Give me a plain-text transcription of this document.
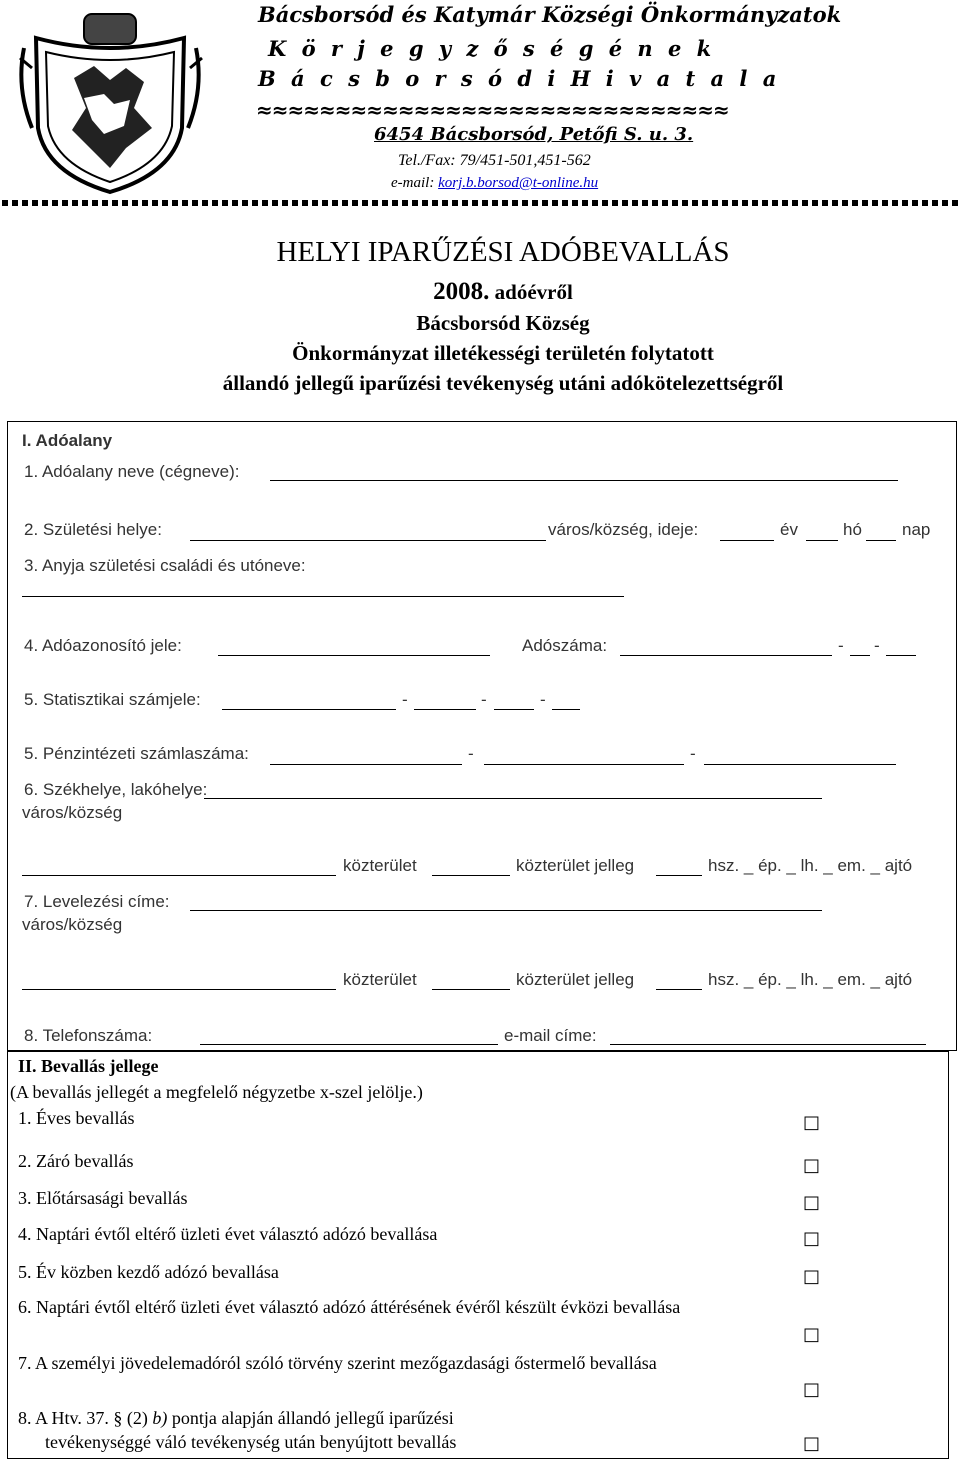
Bácsborsód és Katymár Községi Önkormányzatok
K ö r j e g y z ő s é g é n e k
B á c s b o r s ó d i H i v a t a l a
≈≈≈≈≈≈≈≈≈≈≈≈≈≈≈≈≈≈≈≈≈≈≈≈≈≈≈≈≈≈
6454 Bácsborsód, Petőfi S. u. 3.
Tel./Fax: 79/451-501,451-562
e-mail: korj.b.borsod@t-online.hu
HELYI IPARŰZÉSI ADÓBEVALLÁS
2008. adóévről
Bácsborsód Község
Önkormányzat illetékességi területén folytatott
állandó jellegű iparűzési tevékenység utáni adókötelezettségről
I. Adóalany
1. Adóalany neve (cégneve):
2. Születési helye:	város/község, ideje:	év	hó nap
3. Anyja születési családi és utóneve:
4. Adóazonosító jele:	Adószáma:	- -
5. Statisztikai számjele:	-	-	-
5. Pénzintézeti számlaszáma:	-	-
6. Székhelye, lakóhelye:
város/község
közterület	közterület jelleg	hsz. _ ép. _ lh. _ em. _ ajtó
7. Levelezési címe:
város/község
közterület	közterület jelleg	hsz. _ ép. _ lh. _ em. _ ajtó
8. Telefonszáma:	e-mail címe:
II. Bevallás jellege
(A bevallás jellegét a megfelelő négyzetbe x-szel jelölje.)
1. Éves bevallás	□
2. Záró bevallás	□
3. Előtársasági bevallás	□
4. Naptári évtől eltérő üzleti évet választó adózó bevallása	□
5. Év közben kezdő adózó bevallása	□
6. Naptári évtől eltérő üzleti évet választó adózó áttérésének évéről készült évközi bevallása
□
7. A személyi jövedelemadóról szóló törvény szerint mezőgazdasági őstermelő bevallása
□
8. A Htv. 37. § (2) b) pontja alapján állandó jellegű iparűzési
tevékenységgé váló tevékenység után benyújtott bevallás	□
